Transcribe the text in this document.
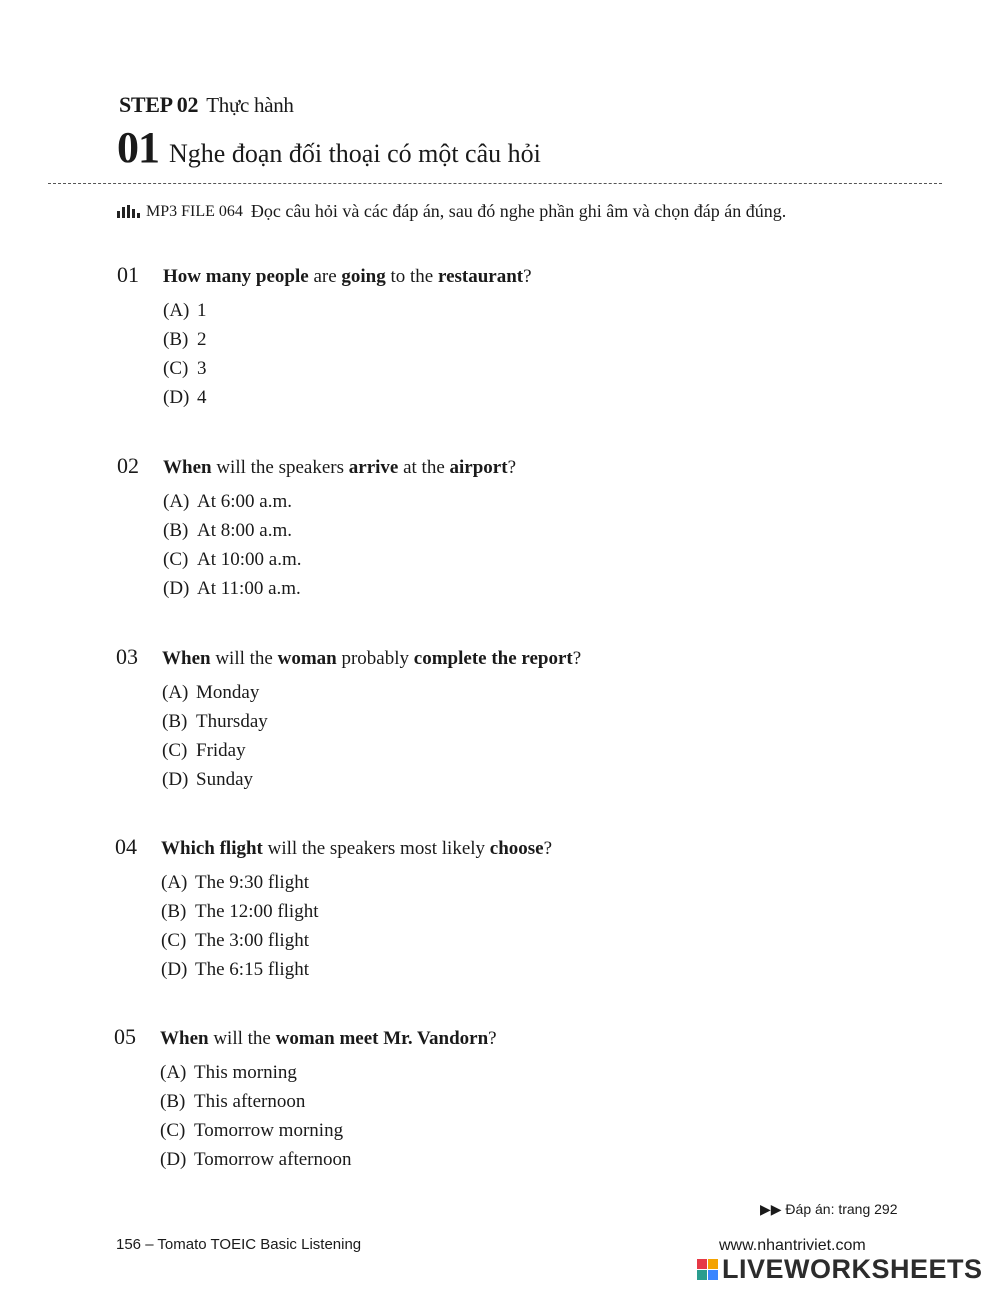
STEP 02 Thực hành
01 Nghe đoạn đối thoại có một câu hỏi
MP3 FILE 064 Đọc câu hỏi và các đáp án, sau đó nghe phần ghi âm và chọn đáp án đúng.
01	How many people are going to the restaurant?
(A) 1
(B) 2
(C) 3
(D) 4
02	When will the speakers arrive at the airport?
(A) At 6:00 a.m.
(B) At 8:00 a.m.
(C) At 10:00 a.m.
(D) At 11:00 a.m.
03	When will the woman probably complete the report?
(A) Monday
(B) Thursday
(C) Friday
(D) Sunday
04	Which flight will the speakers most likely choose?
(A) The 9:30 flight
(B) The 12:00 flight
(C) The 3:00 flight
(D) The 6:15 flight
05	When will the woman meet Mr. Vandorn?
(A) This morning
(B) This afternoon
(C) Tomorrow morning
(D) Tomorrow afternoon
▶▶ Đáp án: trang 292
156 – Tomato TOEIC Basic Listening	www.nhantriviet.com
LIVEWORKSHEETS
